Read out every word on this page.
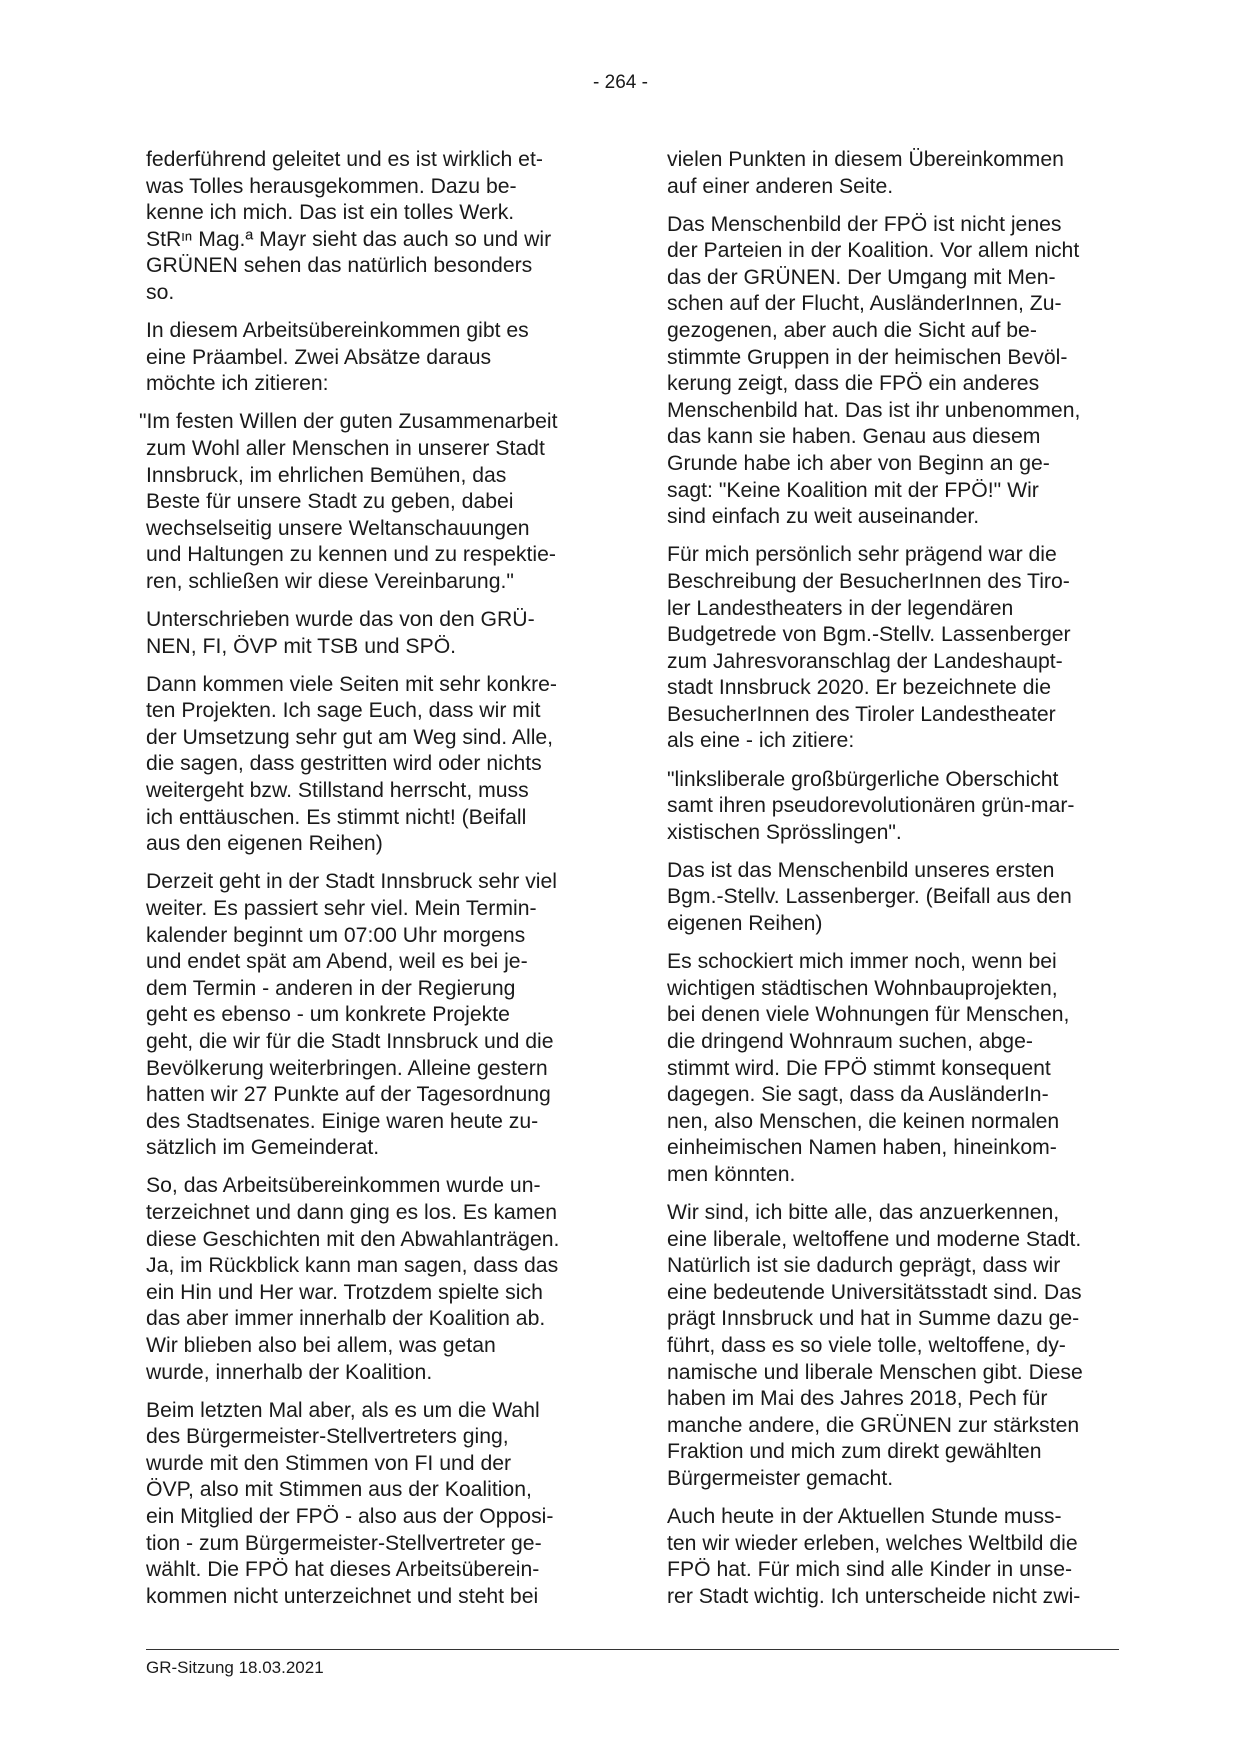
- 264 -
federführend geleitet und es ist wirklich et-
was Tolles herausgekommen. Dazu be-
kenne ich mich. Das ist ein tolles Werk.
StRᶦⁿ Mag.ª Mayr sieht das auch so und wir
GRÜNEN sehen das natürlich besonders
so.
In diesem Arbeitsübereinkommen gibt es
eine Präambel. Zwei Absätze daraus
möchte ich zitieren:
"Im festen Willen der guten Zusammenarbeit
zum Wohl aller Menschen in unserer Stadt
Innsbruck, im ehrlichen Bemühen, das
Beste für unsere Stadt zu geben, dabei
wechselseitig unsere Weltanschauungen
und Haltungen zu kennen und zu respektie-
ren, schließen wir diese Vereinbarung."
Unterschrieben wurde das von den GRÜ-
NEN, FI, ÖVP mit TSB und SPÖ.
Dann kommen viele Seiten mit sehr konkre-
ten Projekten. Ich sage Euch, dass wir mit
der Umsetzung sehr gut am Weg sind. Alle,
die sagen, dass gestritten wird oder nichts
weitergeht bzw. Stillstand herrscht, muss
ich enttäuschen. Es stimmt nicht! (Beifall
aus den eigenen Reihen)
Derzeit geht in der Stadt Innsbruck sehr viel
weiter. Es passiert sehr viel. Mein Termin-
kalender beginnt um 07:00 Uhr morgens
und endet spät am Abend, weil es bei je-
dem Termin - anderen in der Regierung
geht es ebenso - um konkrete Projekte
geht, die wir für die Stadt Innsbruck und die
Bevölkerung weiterbringen. Alleine gestern
hatten wir 27 Punkte auf der Tagesordnung
des Stadtsenates. Einige waren heute zu-
sätzlich im Gemeinderat.
So, das Arbeitsübereinkommen wurde un-
terzeichnet und dann ging es los. Es kamen
diese Geschichten mit den Abwahlanträgen.
Ja, im Rückblick kann man sagen, dass das
ein Hin und Her war. Trotzdem spielte sich
das aber immer innerhalb der Koalition ab.
Wir blieben also bei allem, was getan
wurde, innerhalb der Koalition.
Beim letzten Mal aber, als es um die Wahl
des Bürgermeister-Stellvertreters ging,
wurde mit den Stimmen von FI und der
ÖVP, also mit Stimmen aus der Koalition,
ein Mitglied der FPÖ - also aus der Opposi-
tion - zum Bürgermeister-Stellvertreter ge-
wählt. Die FPÖ hat dieses Arbeitsüberein-
kommen nicht unterzeichnet und steht bei
vielen Punkten in diesem Übereinkommen
auf einer anderen Seite.
Das Menschenbild der FPÖ ist nicht jenes
der Parteien in der Koalition. Vor allem nicht
das der GRÜNEN. Der Umgang mit Men-
schen auf der Flucht, AusländerInnen, Zu-
gezogenen, aber auch die Sicht auf be-
stimmte Gruppen in der heimischen Bevöl-
kerung zeigt, dass die FPÖ ein anderes
Menschenbild hat. Das ist ihr unbenommen,
das kann sie haben. Genau aus diesem
Grunde habe ich aber von Beginn an ge-
sagt: "Keine Koalition mit der FPÖ!" Wir
sind einfach zu weit auseinander.
Für mich persönlich sehr prägend war die
Beschreibung der BesucherInnen des Tiro-
ler Landestheaters in der legendären
Budgetrede von Bgm.-Stellv. Lassenberger
zum Jahresvoranschlag der Landeshaupt-
stadt Innsbruck 2020. Er bezeichnete die
BesucherInnen des Tiroler Landestheater
als eine - ich zitiere:
"linksliberale großbürgerliche Oberschicht
samt ihren pseudorevolutionären grün-mar-
xistischen Sprösslingen".
Das ist das Menschenbild unseres ersten
Bgm.-Stellv. Lassenberger. (Beifall aus den
eigenen Reihen)
Es schockiert mich immer noch, wenn bei
wichtigen städtischen Wohnbauprojekten,
bei denen viele Wohnungen für Menschen,
die dringend Wohnraum suchen, abge-
stimmt wird. Die FPÖ stimmt konsequent
dagegen. Sie sagt, dass da AusländerIn-
nen, also Menschen, die keinen normalen
einheimischen Namen haben, hineinkom-
men könnten.
Wir sind, ich bitte alle, das anzuerkennen,
eine liberale, weltoffene und moderne Stadt.
Natürlich ist sie dadurch geprägt, dass wir
eine bedeutende Universitätsstadt sind. Das
prägt Innsbruck und hat in Summe dazu ge-
führt, dass es so viele tolle, weltoffene, dy-
namische und liberale Menschen gibt. Diese
haben im Mai des Jahres 2018, Pech für
manche andere, die GRÜNEN zur stärksten
Fraktion und mich zum direkt gewählten
Bürgermeister gemacht.
Auch heute in der Aktuellen Stunde muss-
ten wir wieder erleben, welches Weltbild die
FPÖ hat. Für mich sind alle Kinder in unse-
rer Stadt wichtig. Ich unterscheide nicht zwi-
GR-Sitzung 18.03.2021
